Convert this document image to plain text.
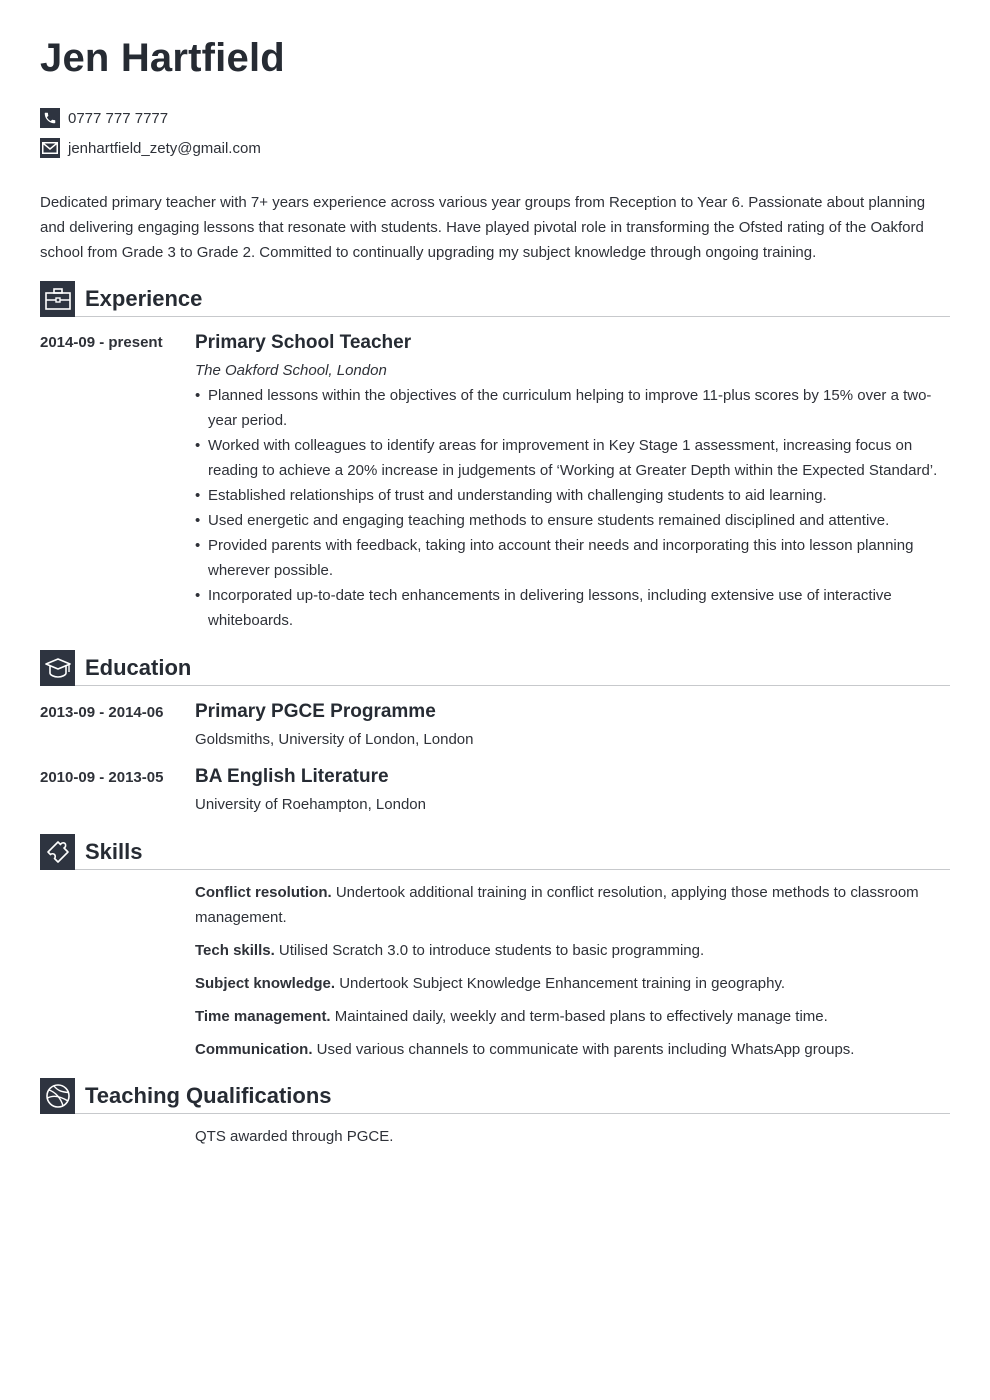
Jen Hartfield
0777 777 7777
jenhartfield_zety@gmail.com

Dedicated primary teacher with 7+ years experience across various year groups from Reception to Year 6. Passionate about planning and delivering engaging lessons that resonate with students. Have played pivotal role in transforming the Ofsted rating of the Oakford school from Grade 3 to Grade 2. Committed to continually upgrading my subject knowledge through ongoing training.

Experience
2014-09 - present Primary School Teacher
The Oakford School, London
• Planned lessons within the objectives of the curriculum helping to improve 11-plus scores by 15% over a two-year period.
• Worked with colleagues to identify areas for improvement in Key Stage 1 assessment, increasing focus on reading to achieve a 20% increase in judgements of ‘Working at Greater Depth within the Expected Standard’.
• Established relationships of trust and understanding with challenging students to aid learning.
• Used energetic and engaging teaching methods to ensure students remained disciplined and attentive.
• Provided parents with feedback, taking into account their needs and incorporating this into lesson planning wherever possible.
• Incorporated up-to-date tech enhancements in delivering lessons, including extensive use of interactive whiteboards.
Education
2013-09 - 2014-06 Primary PGCE Programme
Goldsmiths, University of London, London
2010-09 - 2013-05 BA English Literature
University of Roehampton, London
Skills
Conflict resolution. Undertook additional training in conflict resolution, applying those methods to classroom management.
Tech skills. Utilised Scratch 3.0 to introduce students to basic programming.
Subject knowledge. Undertook Subject Knowledge Enhancement training in geography.
Time management. Maintained daily, weekly and term-based plans to effectively manage time.
Communication. Used various channels to communicate with parents including WhatsApp groups.
Teaching Qualifications
QTS awarded through PGCE.
